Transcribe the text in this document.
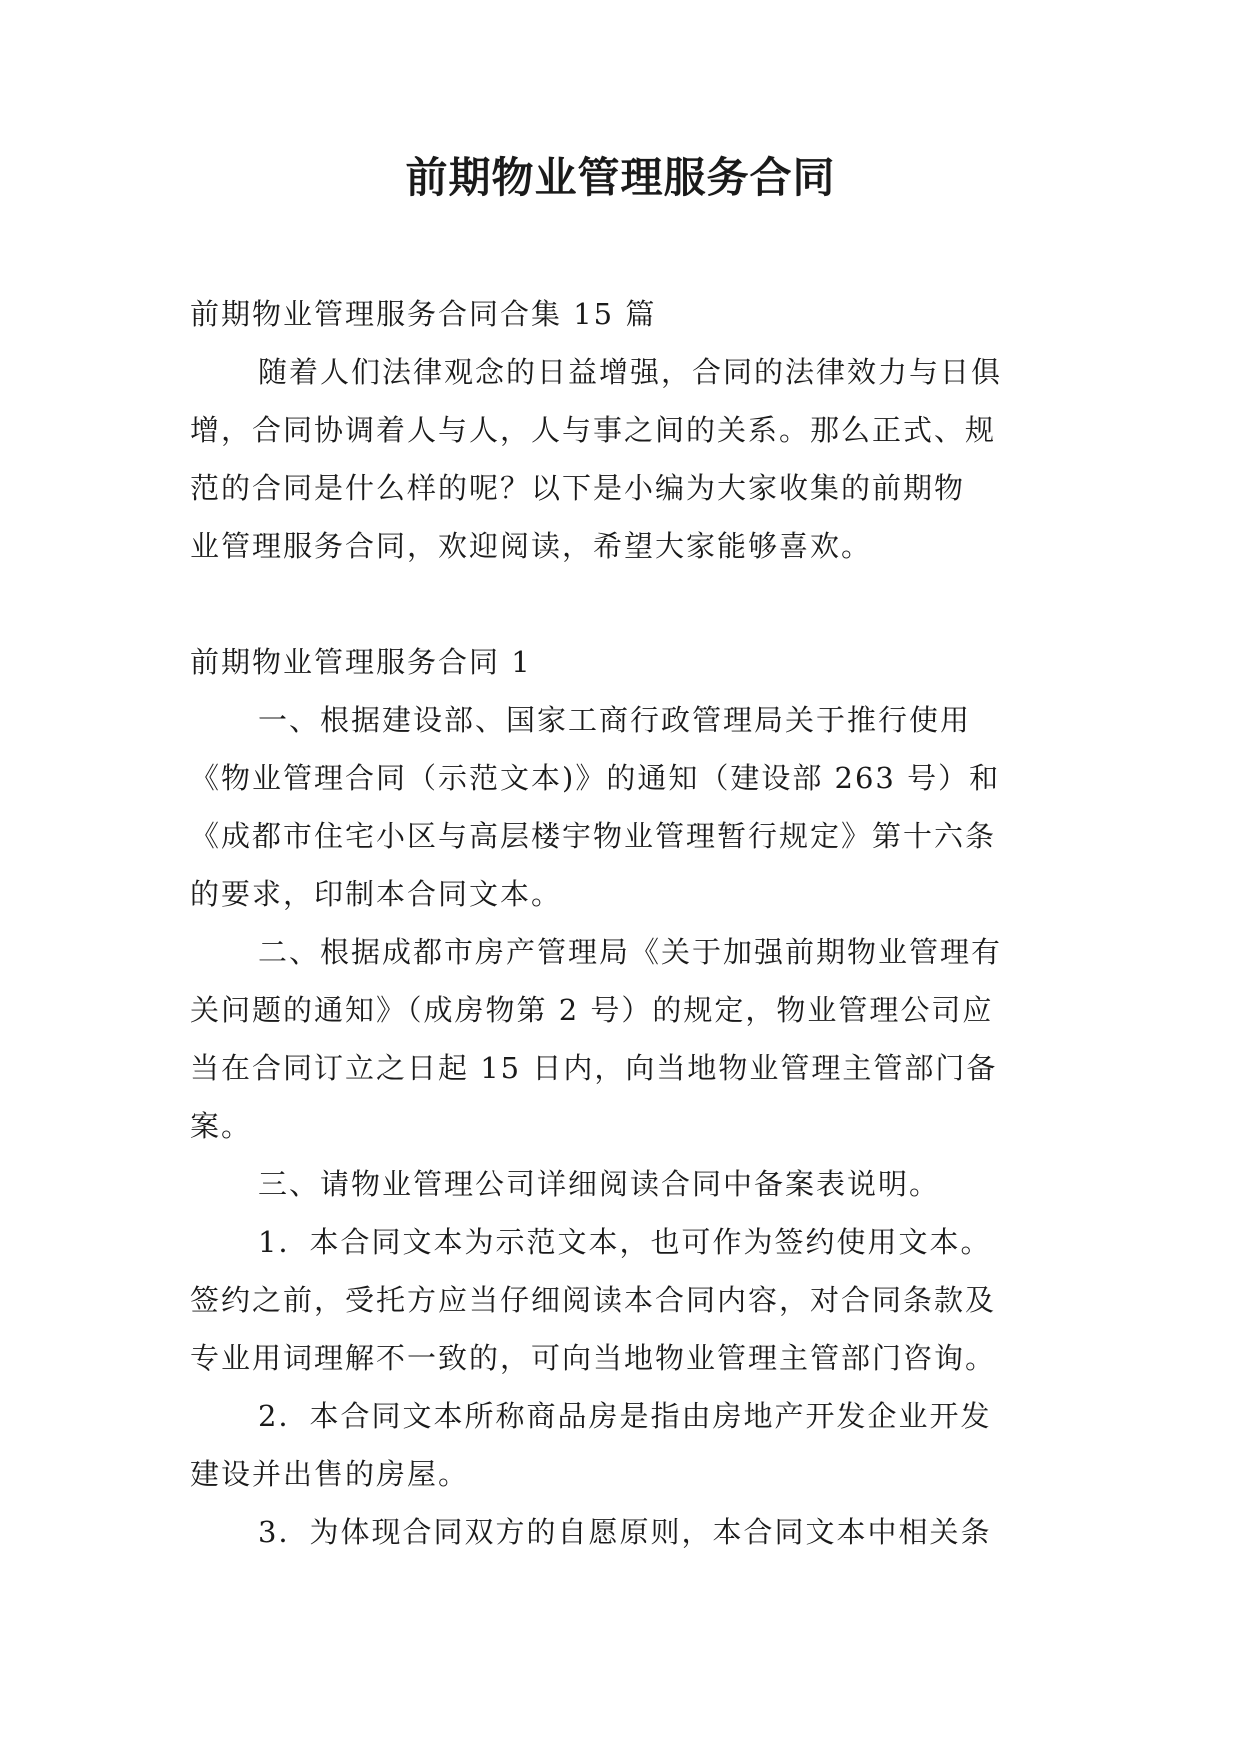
前期物业管理服务合同
前期物业管理服务合同合集 15 篇
随着人们法律观念的日益增强，合同的法律效力与日俱
增，合同协调着人与人，人与事之间的关系。那么正式、规
范的合同是什么样的呢？以下是小编为大家收集的前期物
业管理服务合同，欢迎阅读，希望大家能够喜欢。
前期物业管理服务合同 1
一、根据建设部、国家工商行政管理局关于推行使用
《物业管理合同（示范文本)》的通知（建设部 263 号）和
《成都市住宅小区与高层楼宇物业管理暂行规定》第十六条
的要求，印制本合同文本。
二、根据成都市房产管理局《关于加强前期物业管理有
关问题的通知》（成房物第 2 号）的规定，物业管理公司应
当在合同订立之日起 15 日内，向当地物业管理主管部门备
案。
三、请物业管理公司详细阅读合同中备案表说明。
1．本合同文本为示范文本，也可作为签约使用文本。
签约之前，受托方应当仔细阅读本合同内容，对合同条款及
专业用词理解不一致的，可向当地物业管理主管部门咨询。
2．本合同文本所称商品房是指由房地产开发企业开发
建设并出售的房屋。
3．为体现合同双方的自愿原则，本合同文本中相关条
